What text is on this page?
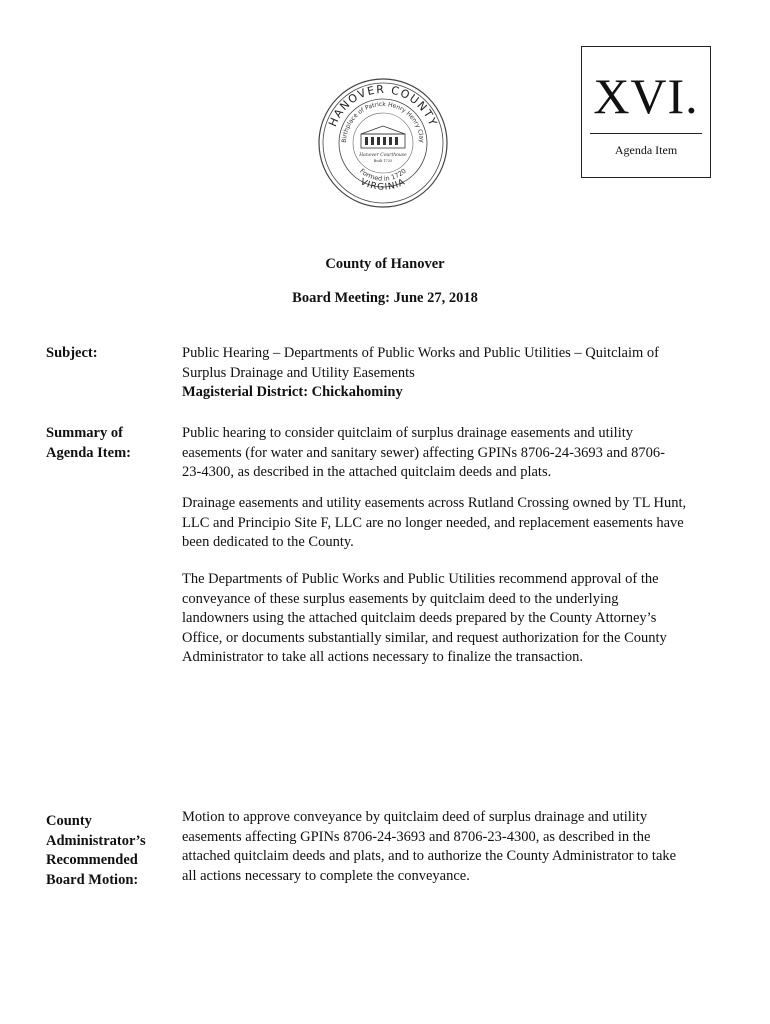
HANOVER COUNTY
Birthplace of Patrick Henry Henry Clay
Formed in 1720
VIRGINIA
Hanover Courthouse
Built 1735
XVI.
Agenda Item
County of Hanover
Board Meeting: June 27, 2018
Subject:	Public Hearing – Departments of Public Works and Public Utilities – Quitclaim of
Surplus Drainage and Utility Easements
Magisterial District: Chickahominy
Summary of
Agenda Item:
Public hearing to consider quitclaim of surplus drainage easements and utility
easements (for water and sanitary sewer) affecting GPINs 8706-24-3693 and 8706-
23-4300, as described in the attached quitclaim deeds and plats.
Drainage easements and utility easements across Rutland Crossing owned by TL Hunt,
LLC and Principio Site F, LLC are no longer needed, and replacement easements have
been dedicated to the County.
The Departments of Public Works and Public Utilities recommend approval of the
conveyance of these surplus easements by quitclaim deed to the underlying
landowners using the attached quitclaim deeds prepared by the County Attorney’s
Office, or documents substantially similar, and request authorization for the County
Administrator to take all actions necessary to finalize the transaction.
County
Administrator’s
Recommended
Board Motion:
Motion to approve conveyance by quitclaim deed of surplus drainage and utility
easements affecting GPINs 8706-24-3693 and 8706-23-4300, as described in the
attached quitclaim deeds and plats, and to authorize the County Administrator to take
all actions necessary to complete the conveyance.
